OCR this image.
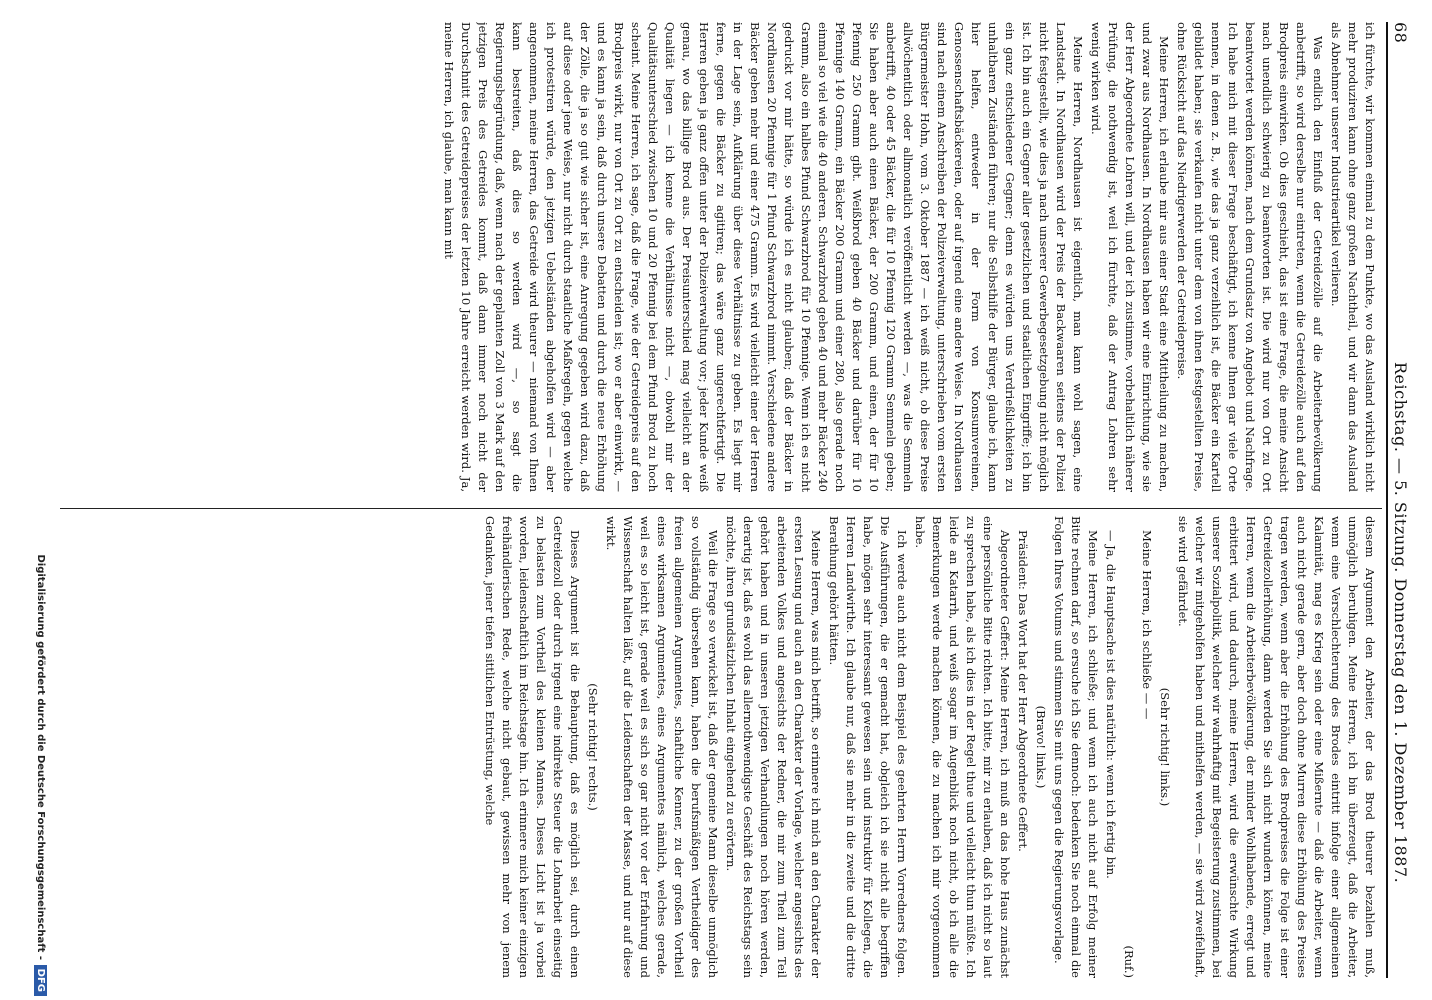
68
Reichstag. — 5. Sitzung. Donnerstag den 1. Dezember 1887.

ich fürchte, wir kommen einmal zu dem Punkte, wo das Ausland wirklich nicht mehr produziren kann ohne ganz großen Nachtheil, und wir dann das Ausland als Abnehmer unserer Industrieartikel verlieren.

Was endlich den Einfluß der Getreidezölle auf die Arbeiterbevölkerung anbetrifft, so wird derselbe nur eintreten, wenn die Getreidezölle auch auf den Brodpreis einwirken. Ob dies geschieht, das ist eine Frage, die meine Ansicht nach unendlich schwierig zu beantworten ist. Die wird nur von Ort zu Ort beantwortet werden können, nach dem Grundsatz von Angebot und Nachfrage. Ich habe mich mit dieser Frage beschäftigt, ich kenne Ihnen gar viele Orte nennen, in denen z. B., wie das ja ganz verzeihlich ist, die Bäcker ein Kartell gebildet haben; sie verkaufen nicht unter dem von ihnen festgestellten Preise, ohne Rücksicht auf das Niedrigerwerden der Getreidepreise.

Meine Herren, ich erlaube mir aus einer Stadt eine Mittheilung zu machen, und zwar aus Nordhausen. In Nordhausen haben wir eine Einrichtung, wie sie der Herr Abgeordnete Lohren will, und der ich zustimme, vorbehaltlich näherer Prüfung, die nothwendig ist, weil ich fürchte, daß der Antrag Lohren sehr wenig wirken wird.

Meine Herren, Nordhausen ist eigentlich, man kann wohl sagen, eine Landstadt. In Nordhausen wird der Preis der Backwaaren seitens der Polizei nicht festgestellt, wie dies ja nach unserer Gewerbegesetzgebung nicht möglich ist. Ich bin auch ein Gegner aller gesetzlichen und staatlichen Eingriffe; ich bin ein ganz entschiedener Gegner; denn es würden uns Verdrießlichkeiten zu unhaltbaren Zuständen führen; nur die Selbsthilfe der Bürger, glaube ich, kann hier helfen, entweder in der Form von Konsumvereinen, Genossenschaftsbäckereien, oder auf irgend eine andere Weise. In Nordhausen sind nach einem Anschreiben der Polizeiverwaltung, unterschrieben vom ersten Bürgermeister Hohn, vom 3. Oktober 1887 — ich weiß nicht, ob diese Preise allwöchentlich oder allmonatlich veröffentlicht werden —, was die Semmeln anbetrifft, 40 oder 45 Bäcker, die für 10 Pfennig 120 Gramm Semmeln geben; Sie haben aber auch einen Bäcker, der 200 Gramm, und einen, der für 10 Pfennig 250 Gramm gibt. Weißbrod geben 40 Bäcker und darüber für 10 Pfennige 140 Gramm, ein Bäcker 200 Gramm und einer 280, also gerade noch einmal so viel wie die 40 anderen. Schwarzbrod geben 40 und mehr Bäcker 240 Gramm, also ein halbes Pfund Schwarzbrod für 10 Pfennige. Wenn ich es nicht gedruckt vor mir hätte, so würde ich es nicht glauben; daß der Bäcker in Nordhausen 20 Pfennige für 1 Pfund Schwarzbrod nimmt. Verschiedene andere Bäcker geben mehr und einer 475 Gramm. Es wird vielleicht einer der Herren in der Lage sein, Aufklärung über diese Verhältnisse zu geben. Es liegt mir ferne, gegen die Bäcker zu agitiren; das wäre ganz ungerechtfertigt. Die Herren geben ja ganz offen unter der Polizeiverwaltung vor; jeder Kunde weiß genau, wo das billige Brod aus. Der Preisunterschied mag vielleicht an der Qualität liegen — ich kenne die Verhältnisse nicht —, obwohl mir der Qualitätsunterschied zwischen 10 und 20 Pfennig bei dem Pfund Brod zu hoch scheint. Meine Herren, ich sage, daß die Frage, wie der Getreidepreis auf den Brodpreis wirkt, nur von Ort zu Ort zu entscheiden ist; wo er aber einwirkt, — und es kann ja sein, daß durch unsere Debatten und durch die neue Erhöhung der Zölle, die ja so gut wie sicher ist, eine Anregung gegeben wird dazu, daß auf diese oder jene Weise, nur nicht durch staatliche Maßregeln, gegen welche ich protestiren würde, den jetzigen Uebelständen abgeholfen wird — aber angenommen, meine Herren, das Getreide wird theurer — niemand von Ihnen kann bestreiten, daß dies so werden wird —, so sagt die Regierungsbegründung, daß, wenn nach der geplanten Zoll von 3 Mark auf den jetzigen Preis des Getreides kommt, daß dann immer noch nicht der Durchschnitt des Getreidepreises der letzten 10 Jahre erreicht werden wird. Ja, meine Herren, ich glaube, man kann mit

diesem Argument den Arbeiter, der das Brod theurer bezahlen muß, unmöglich beruhigen. Meine Herren, ich bin überzeugt, daß die Arbeiter, wenn eine Verschlechterung des Brodes eintritt infolge einer allgemeinen Kalamität, mag es Krieg sein oder eine Mißernte — daß die Arbeiter, wenn auch nicht gerade gern, aber doch ohne Murren diese Erhöhung des Preises tragen werden, wenn aber die Erhöhung des Brodpreises die Folge ist einer Getreidezollerhöhung, dann werden Sie sich nicht wundern können, meine Herren, wenn die Arbeiterbevölkerung, der minder Wohlhabende, erregt und erbittert wird, und dadurch, meine Herren, wird die erwünschte Wirkung unserer Sozialpolitik, welcher wir wahrhaftig mit Begeisterung zustimmen, bei welcher wir mitgeholfen haben und mithelfen werden, — sie wird zweifelhaft, sie wird gefährdet.

(Sehr richtig! links.)

Meine Herren, ich schließe — —

(Ruf.)

— Ja, die Hauptsache ist dies natürlich: wenn ich fertig bin.

Meine Herren, ich schließe; und wenn ich auch nicht auf Erfolg meiner Bitte rechnen darf, so ersuche ich Sie dennoch: bedenken Sie noch einmal die Folgen Ihres Votums und stimmen Sie mit uns gegen die Regierungsvorlage.

(Bravo! links.)

Präsident: Das Wort hat der Herr Abgeordnete Geffert.

Abgeordneter Geffert: Meine Herren, ich muß an das hohe Haus zunächst eine persönliche Bitte richten. Ich bitte, mir zu erlauben, daß ich nicht so laut zu sprechen habe, als ich dies in der Regel thue und vielleicht thun müßte. Ich leide an Katarrh, und weiß sogar im Augenblick noch nicht, ob ich alle die Bemerkungen werde machen können, die zu machen ich mir vorgenommen habe.

Ich werde auch nicht dem Beispiel des geehrten Herrn Vorredners folgen. Die Ausführungen, die er gemacht hat, obgleich ich sie nicht alle begriffen habe, mögen sehr interessant gewesen sein und instruktiv für Kollegen, die Herren Landwirthe. Ich glaube nur, daß sie mehr in die zweite und die dritte Berathung gehört hätten.

Meine Herren, was mich betrifft, so erinnere ich mich an den Charakter der ersten Lesung und auch an den Charakter der Vorlage, welcher angesichts des arbeitenden Volkes und angesichts der Redner, die mir zum Theil zum Teil gehört haben und in unseren jetzigen Verhandlungen noch hören werden, derartig ist, daß es wohl das allernothwendigste Geschäft des Reichstags sein möchte, ihren grundsätzlichen Inhalt eingehend zu erörtern.

Weil die Frage so verwickelt ist, daß der gemeine Mann dieselbe unmöglich so vollständig übersehen kann, haben die berufsmäßigen Vertheidiger des freien allgemeinen Argumentes, schaftliche Kenner, zu der großen Vortheil eines wirksamen Argumentes, eines Argumentes nämlich, welches gerade, weil es so leicht ist, gerade weil es sich so gar nicht vor der Erfahrung und Wissenschaft halten läßt, auf die Leidenschaften der Masse, und nur auf diese wirkt.

(Sehr richtig! rechts.)

Dieses Argument ist die Behauptung, daß es möglich sei, durch einen Getreidezoll oder durch irgend eine indirekte Steuer die Lohnarbeit einseitig zu belasten zum Vortheil des kleinen Mannes. Dieses Licht ist ja vorbei worden, leidenschaftlich im Reichstage hin. Ich erinnere mich keiner einzigen freihändlerischen Rede, welche nicht gebaut, gewissen mehr von jenem Gedanken, jener tiefen sittlichen Entrüstung, welche

Digitalisierung gefördert durch die Deutsche Forschungsgemeinschaft -
DFG
